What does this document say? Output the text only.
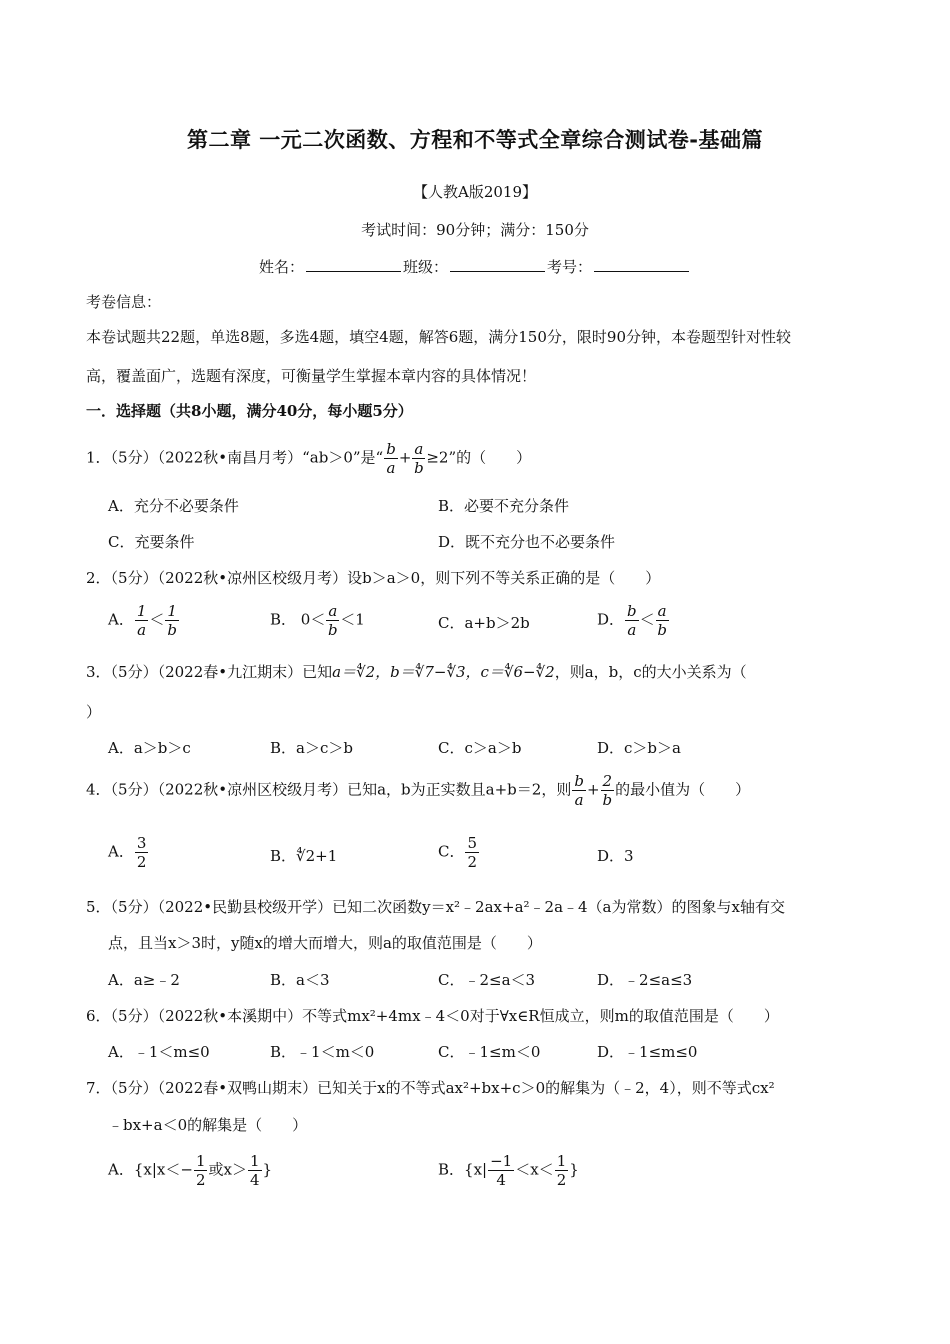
第二章 一元二次函数、方程和不等式全章综合测试卷-基础篇
【人教A版2019】
考试时间：90分钟；满分：150分
姓名：	班级：	考号：
考卷信息：
本卷试题共22题，单选8题，多选4题，填空4题，解答6题，满分150分，限时90分钟，本卷题型针对性较
高，覆盖面广，选题有深度，可衡量学生掌握本章内容的具体情况！
一．选择题（共8小题，满分40分，每小题5分）
1．（5分）（2022秋•南昌月考）“ab＞0”是“ $\frac{b}{a} + \frac{a}{b} \ge 2$”的（　　）
A．充分不必要条件	B．必要不充分条件
C．充要条件	D．既不充分也不必要条件
2．（5分）（2022秋•凉州区校级月考）设b＞a＞0，则下列不等关系正确的是（　　）
A． $\frac{1}{a} < \frac{1}{b}$	B． $0< \frac{a}{b} <1$	C．a+b＞2b	D． $\frac{b}{a} < \frac{a}{b}$
3．（5分）（2022春•九江期末）已知a＝∜2，b＝∜7−∜3，c＝∜6−∜2，则a，b，c的大小关系为（
）
A．a＞b＞c	B．a＞c＞b	C．c＞a＞b	D．c＞b＞a
4．（5分）（2022秋•凉州区校级月考）已知a，b为正实数且a+b＝2，则 $\frac{b}{a} + \frac{2}{b}$ 的最小值为（　　）
A． $\frac{3}{2}$	B．∜2+1	C． $\frac{5}{2}$	D．3
5．（5分）（2022•民勤县校级开学）已知二次函数y＝x²﹣2ax+a²﹣2a﹣4（a为常数）的图象与x轴有交
点，且当x＞3时，y随x的增大而增大，则a的取值范围是（　　）
A．a≥﹣2	B．a＜3	C．﹣2≤a＜3	D．﹣2≤a≤3
6．（5分）（2022秋•本溪期中）不等式mx²+4mx﹣4＜0对于∀x∈R恒成立，则m的取值范围是（　　）
A．﹣1＜m≤0	B．﹣1＜m＜0	C．﹣1≤m＜0	D．﹣1≤m≤0
7．（5分）（2022春•双鸭山期末）已知关于x的不等式ax²+bx+c＞0的解集为（﹣2，4），则不等式cx²
﹣bx+a＜0的解集是（　　）
A．{$x|x<- \frac{1}{2}$ 或$x> \frac{1}{4}$ }	B．{$x| \frac{-1}{4} <x< \frac{1}{2}$ }
